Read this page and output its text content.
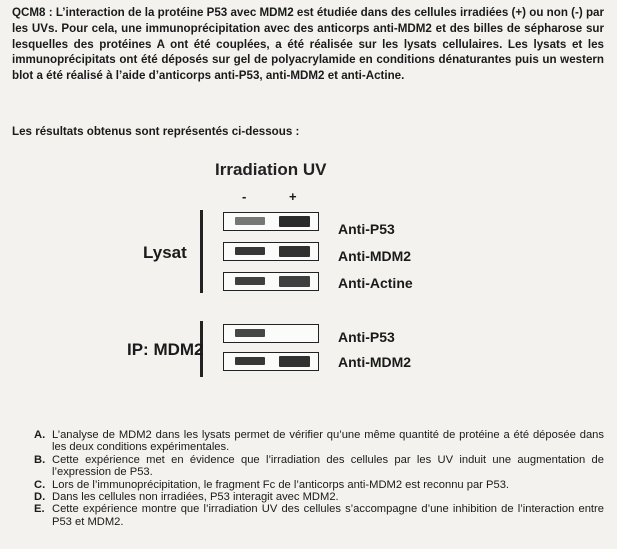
QCM8 : L’interaction de la protéine P53 avec MDM2 est étudiée dans des cellules irradiées (+) ou non (-) par les UVs. Pour cela, une immunoprécipitation avec des anticorps anti-MDM2 et des billes de sépharose sur lesquelles des protéines A ont été couplées, a été réalisée sur les lysats cellulaires. Les lysats et les immunoprécipitats ont été déposés sur gel de polyacrylamide en conditions dénaturantes puis un western blot a été réalisé à l’aide d’anticorps anti-P53, anti-MDM2 et anti-Actine.

Les résultats obtenus sont représentés ci-dessous :

Irradiation UV
-	+
Lysat
Anti-P53
Anti-MDM2
Anti-Actine
IP: MDM2
Anti-P53
Anti-MDM2
A. L’analyse de MDM2 dans les lysats permet de vérifier qu’une même quantité de protéine a été déposée dans les deux conditions expérimentales.
B. Cette expérience met en évidence que l’irradiation des cellules par les UV induit une augmentation de l’expression de P53.
C. Lors de l’immunoprécipitation, le fragment Fc de l’anticorps anti-MDM2 est reconnu par P53.
D. Dans les cellules non irradiées, P53 interagit avec MDM2.
E. Cette expérience montre que l’irradiation UV des cellules s’accompagne d’une inhibition de l’interaction entre P53 et MDM2.
